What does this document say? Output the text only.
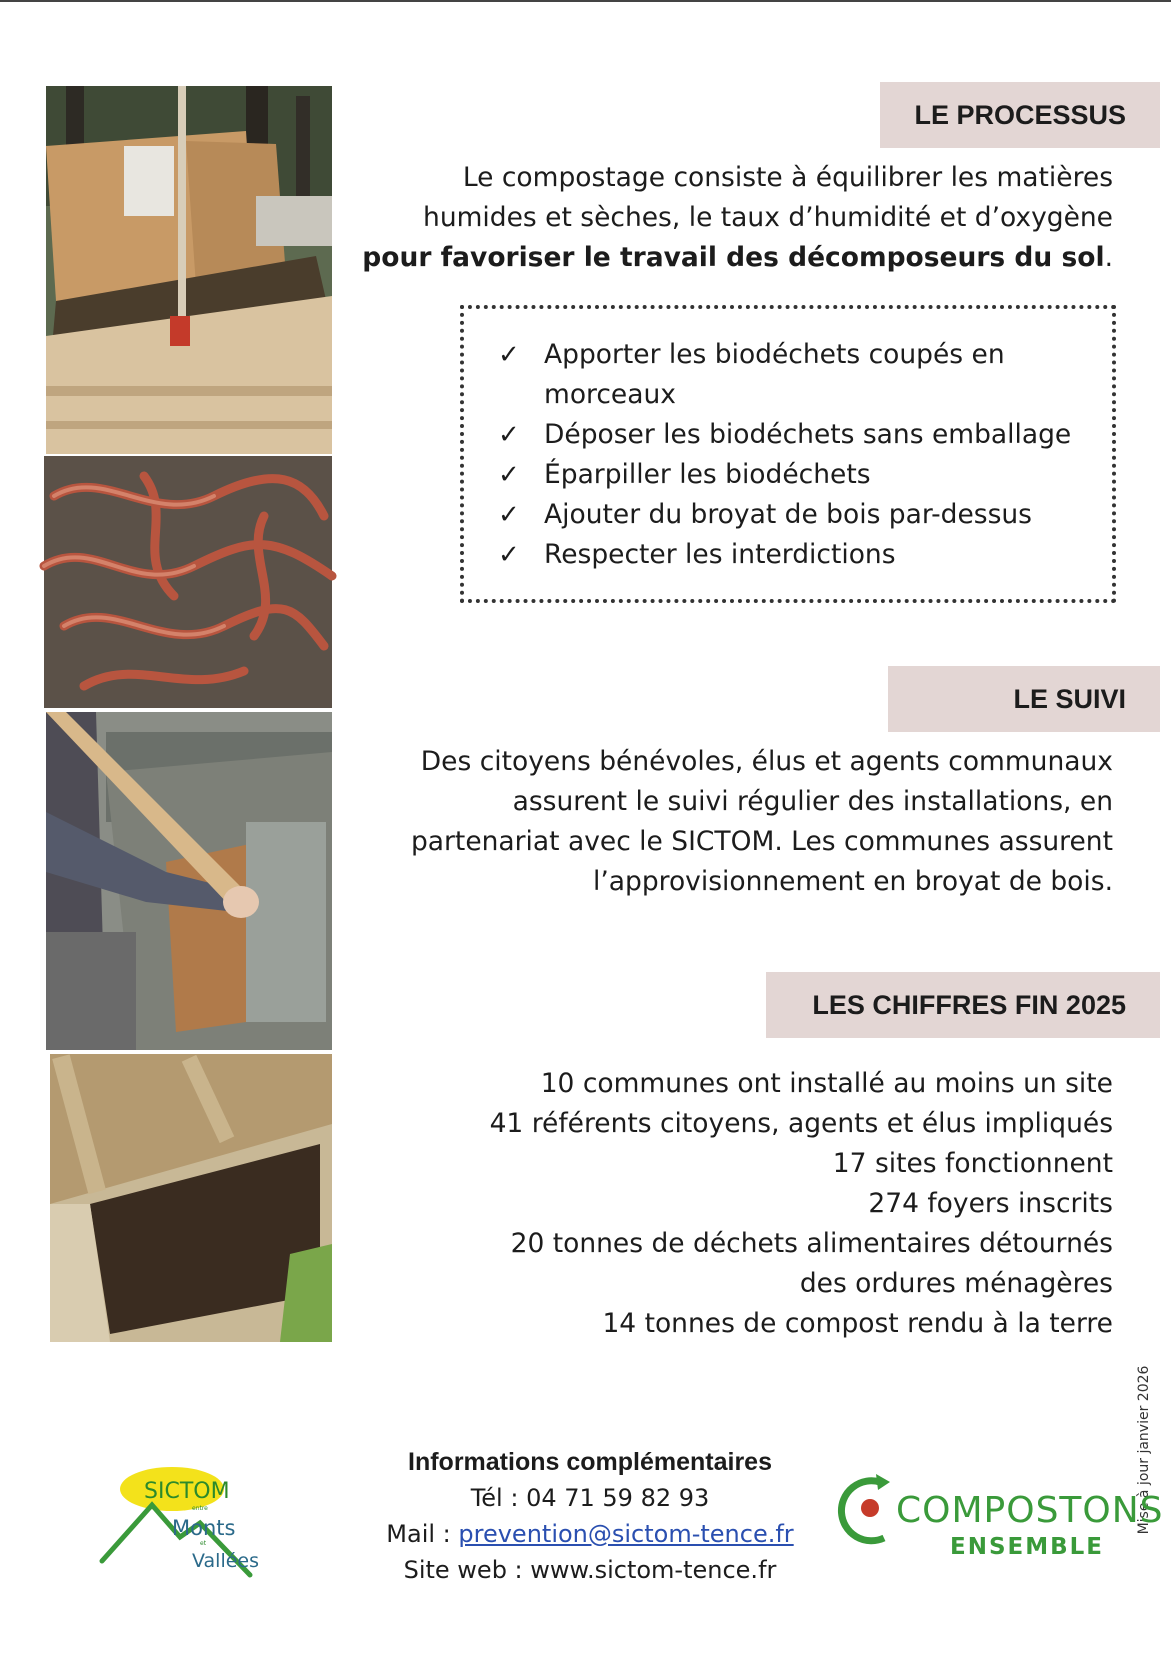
LE PROCESSUS
Le compostage consiste à équilibrer les matières
humides et sèches, le taux d’humidité et d’oxygène
pour favoriser le travail des décomposeurs du sol.
✓ Apporter les biodéchets coupés en morceaux
✓ Déposer les biodéchets sans emballage
✓ Éparpiller les biodéchets
✓ Ajouter du broyat de bois par-dessus
✓ Respecter les interdictions
LE SUIVI
Des citoyens bénévoles, élus et agents communaux
assurent le suivi régulier des installations, en
partenariat avec le SICTOM. Les communes assurent
l’approvisionnement en broyat de bois.
LES CHIFFRES FIN 2025
10 communes ont installé au moins un site
41 référents citoyens, agents et élus impliqués
17 sites fonctionnent
274 foyers inscrits
20 tonnes de déchets alimentaires détournés
des ordures ménagères
14 tonnes de compost rendu à la terre
Mise à jour janvier 2026
Informations complémentaires
Tél : 04 71 59 82 93
Mail : prevention@sictom-tence.fr
Site web : www.sictom-tence.fr
SICTOM
entre
Monts
et
Vallées
COMPOSTONS
ENSEMBLE
